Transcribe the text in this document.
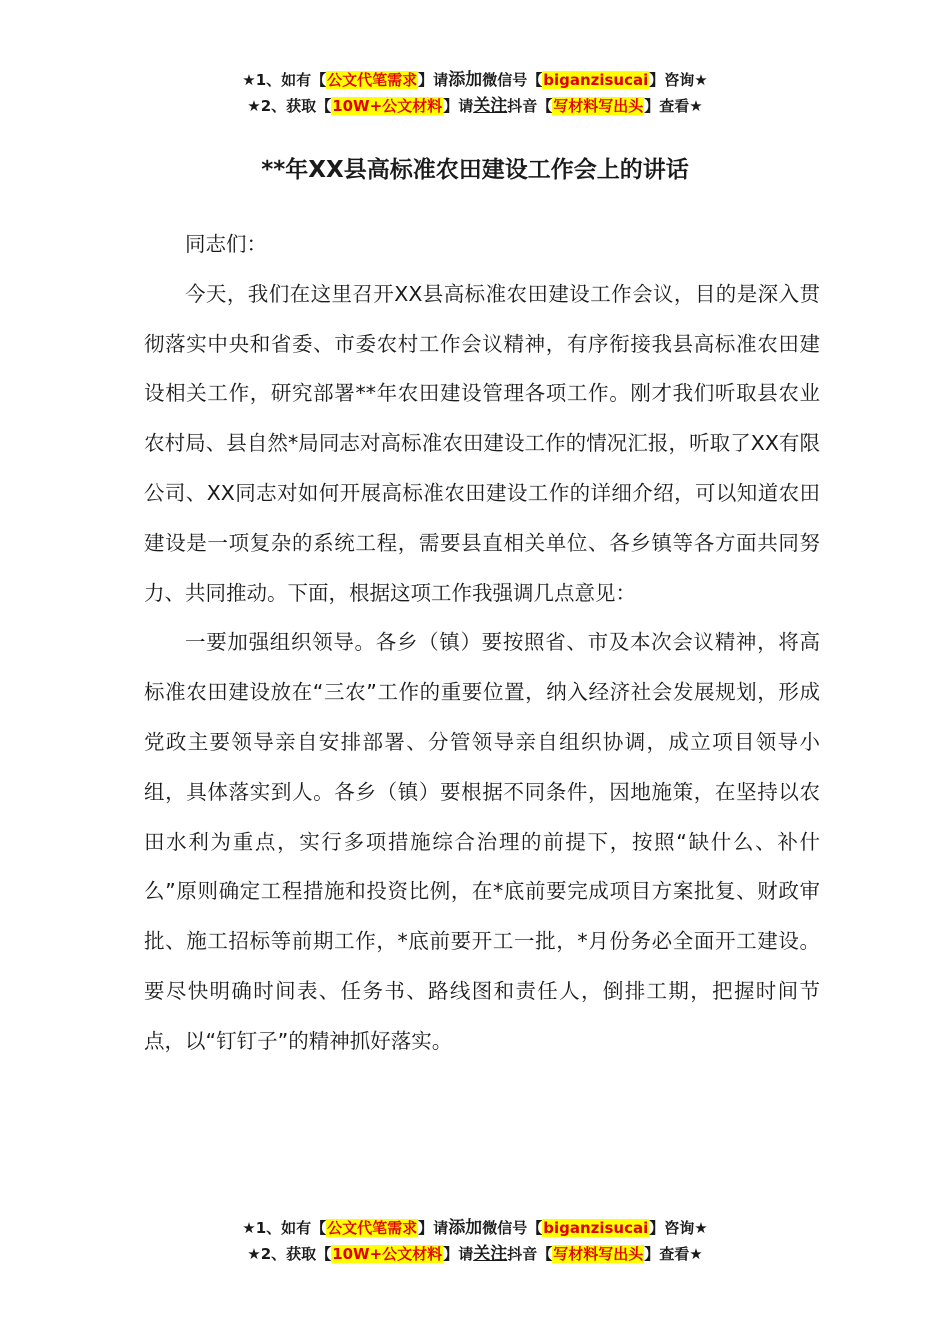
★1、如有【公文代笔需求】请添加微信号【biganzisucai】咨询★
★2、获取【10W+公文材料】请关注抖音【写材料写出头】查看★
**年XX县高标准农田建设工作会上的讲话

同志们：

今天，我们在这里召开XX县高标准农田建设工作会议，目的是深入贯彻落实中央和省委、市委农村工作会议精神，有序衔接我县高标准农田建设相关工作，研究部署**年农田建设管理各项工作。刚才我们听取县农业农村局、县自然*局同志对高标准农田建设工作的情况汇报，听取了XX有限公司、XX同志对如何开展高标准农田建设工作的详细介绍，可以知道农田建设是一项复杂的系统工程，需要县直相关单位、各乡镇等各方面共同努力、共同推动。下面，根据这项工作我强调几点意见：

一要加强组织领导。各乡（镇）要按照省、市及本次会议精神，将高标准农田建设放在“三农”工作的重要位置，纳入经济社会发展规划，形成党政主要领导亲自安排部署、分管领导亲自组织协调，成立项目领导小组，具体落实到人。各乡（镇）要根据不同条件，因地施策，在坚持以农田水利为重点，实行多项措施综合治理的前提下，按照“缺什么、补什么”原则确定工程措施和投资比例，在*底前要完成项目方案批复、财政审批、施工招标等前期工作，*底前要开工一批，*月份务必全面开工建设。要尽快明确时间表、任务书、路线图和责任人，倒排工期，把握时间节点，以“钉钉子”的精神抓好落实。

★1、如有【公文代笔需求】请添加微信号【biganzisucai】咨询★
★2、获取【10W+公文材料】请关注抖音【写材料写出头】查看★
